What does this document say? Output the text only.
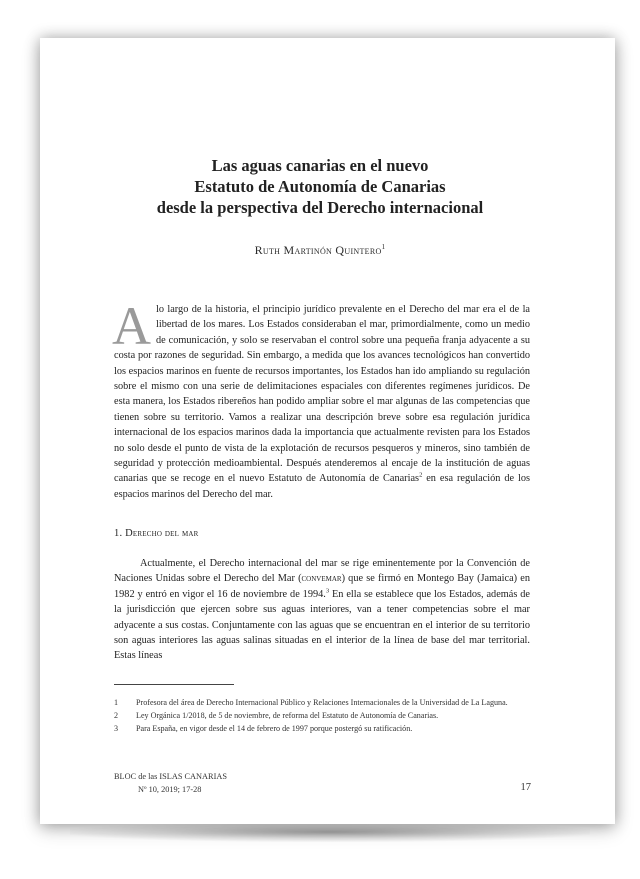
Las aguas canarias en el nuevo
Estatuto de Autonomía de Canarias
desde la perspectiva del Derecho internacional
Ruth Martinón Quintero$^1$

Alo largo de la historia, el principio jurídico prevalente en el Derecho del mar era el de la libertad de los mares. Los Estados consideraban el mar, primordialmente, como un medio de comunicación, y solo se reservaban el control sobre una pequeña franja adyacente a su costa por razones de seguridad. Sin embargo, a medida que los avances tecnológicos han convertido los espacios marinos en fuente de recursos importantes, los Estados han ido ampliando su regulación sobre el mismo con una serie de delimitaciones espaciales con diferentes regímenes jurídicos. De esta manera, los Estados ribereños han podido ampliar sobre el mar algunas de las competencias que tienen sobre su territorio. Vamos a realizar una descripción breve sobre esa regulación jurídica internacional de los espacios marinos dada la importancia que actualmente revisten para los Estados no solo desde el punto de vista de la explotación de recursos pesqueros y mineros, sino también de seguridad y protección medioambiental. Después atenderemos al encaje de la institución de aguas canarias que se recoge en el nuevo Estatuto de Autonomía de Canarias$^2$ en esa regulación de los espacios marinos del Derecho del mar.

1. Derecho del mar

Actualmente, el Derecho internacional del mar se rige eminentemente por la Convención de Naciones Unidas sobre el Derecho del Mar (convemar) que se firmó en Montego Bay (Jamaica) en 1982 y entró en vigor el 16 de noviembre de 1994.$^3$ En ella se establece que los Estados, además de la jurisdicción que ejercen sobre sus aguas interiores, van a tener competencias sobre el mar adyacente a sus costas. Conjuntamente con las aguas que se encuentran en el interior de su territorio son aguas interiores las aguas salinas situadas en el interior de la línea de base del mar territorial. Estas líneas

1	Profesora del área de Derecho Internacional Público y Relaciones Internacionales de la Universidad de La Laguna.
2	Ley Orgánica 1/2018, de 5 de noviembre, de reforma del Estatuto de Autonomía de Canarias.
3	Para España, en vigor desde el 14 de febrero de 1997 porque postergó su ratificación.
BLOC de las ISLAS CANARIAS
Nº 10, 2019; 17-28	17
